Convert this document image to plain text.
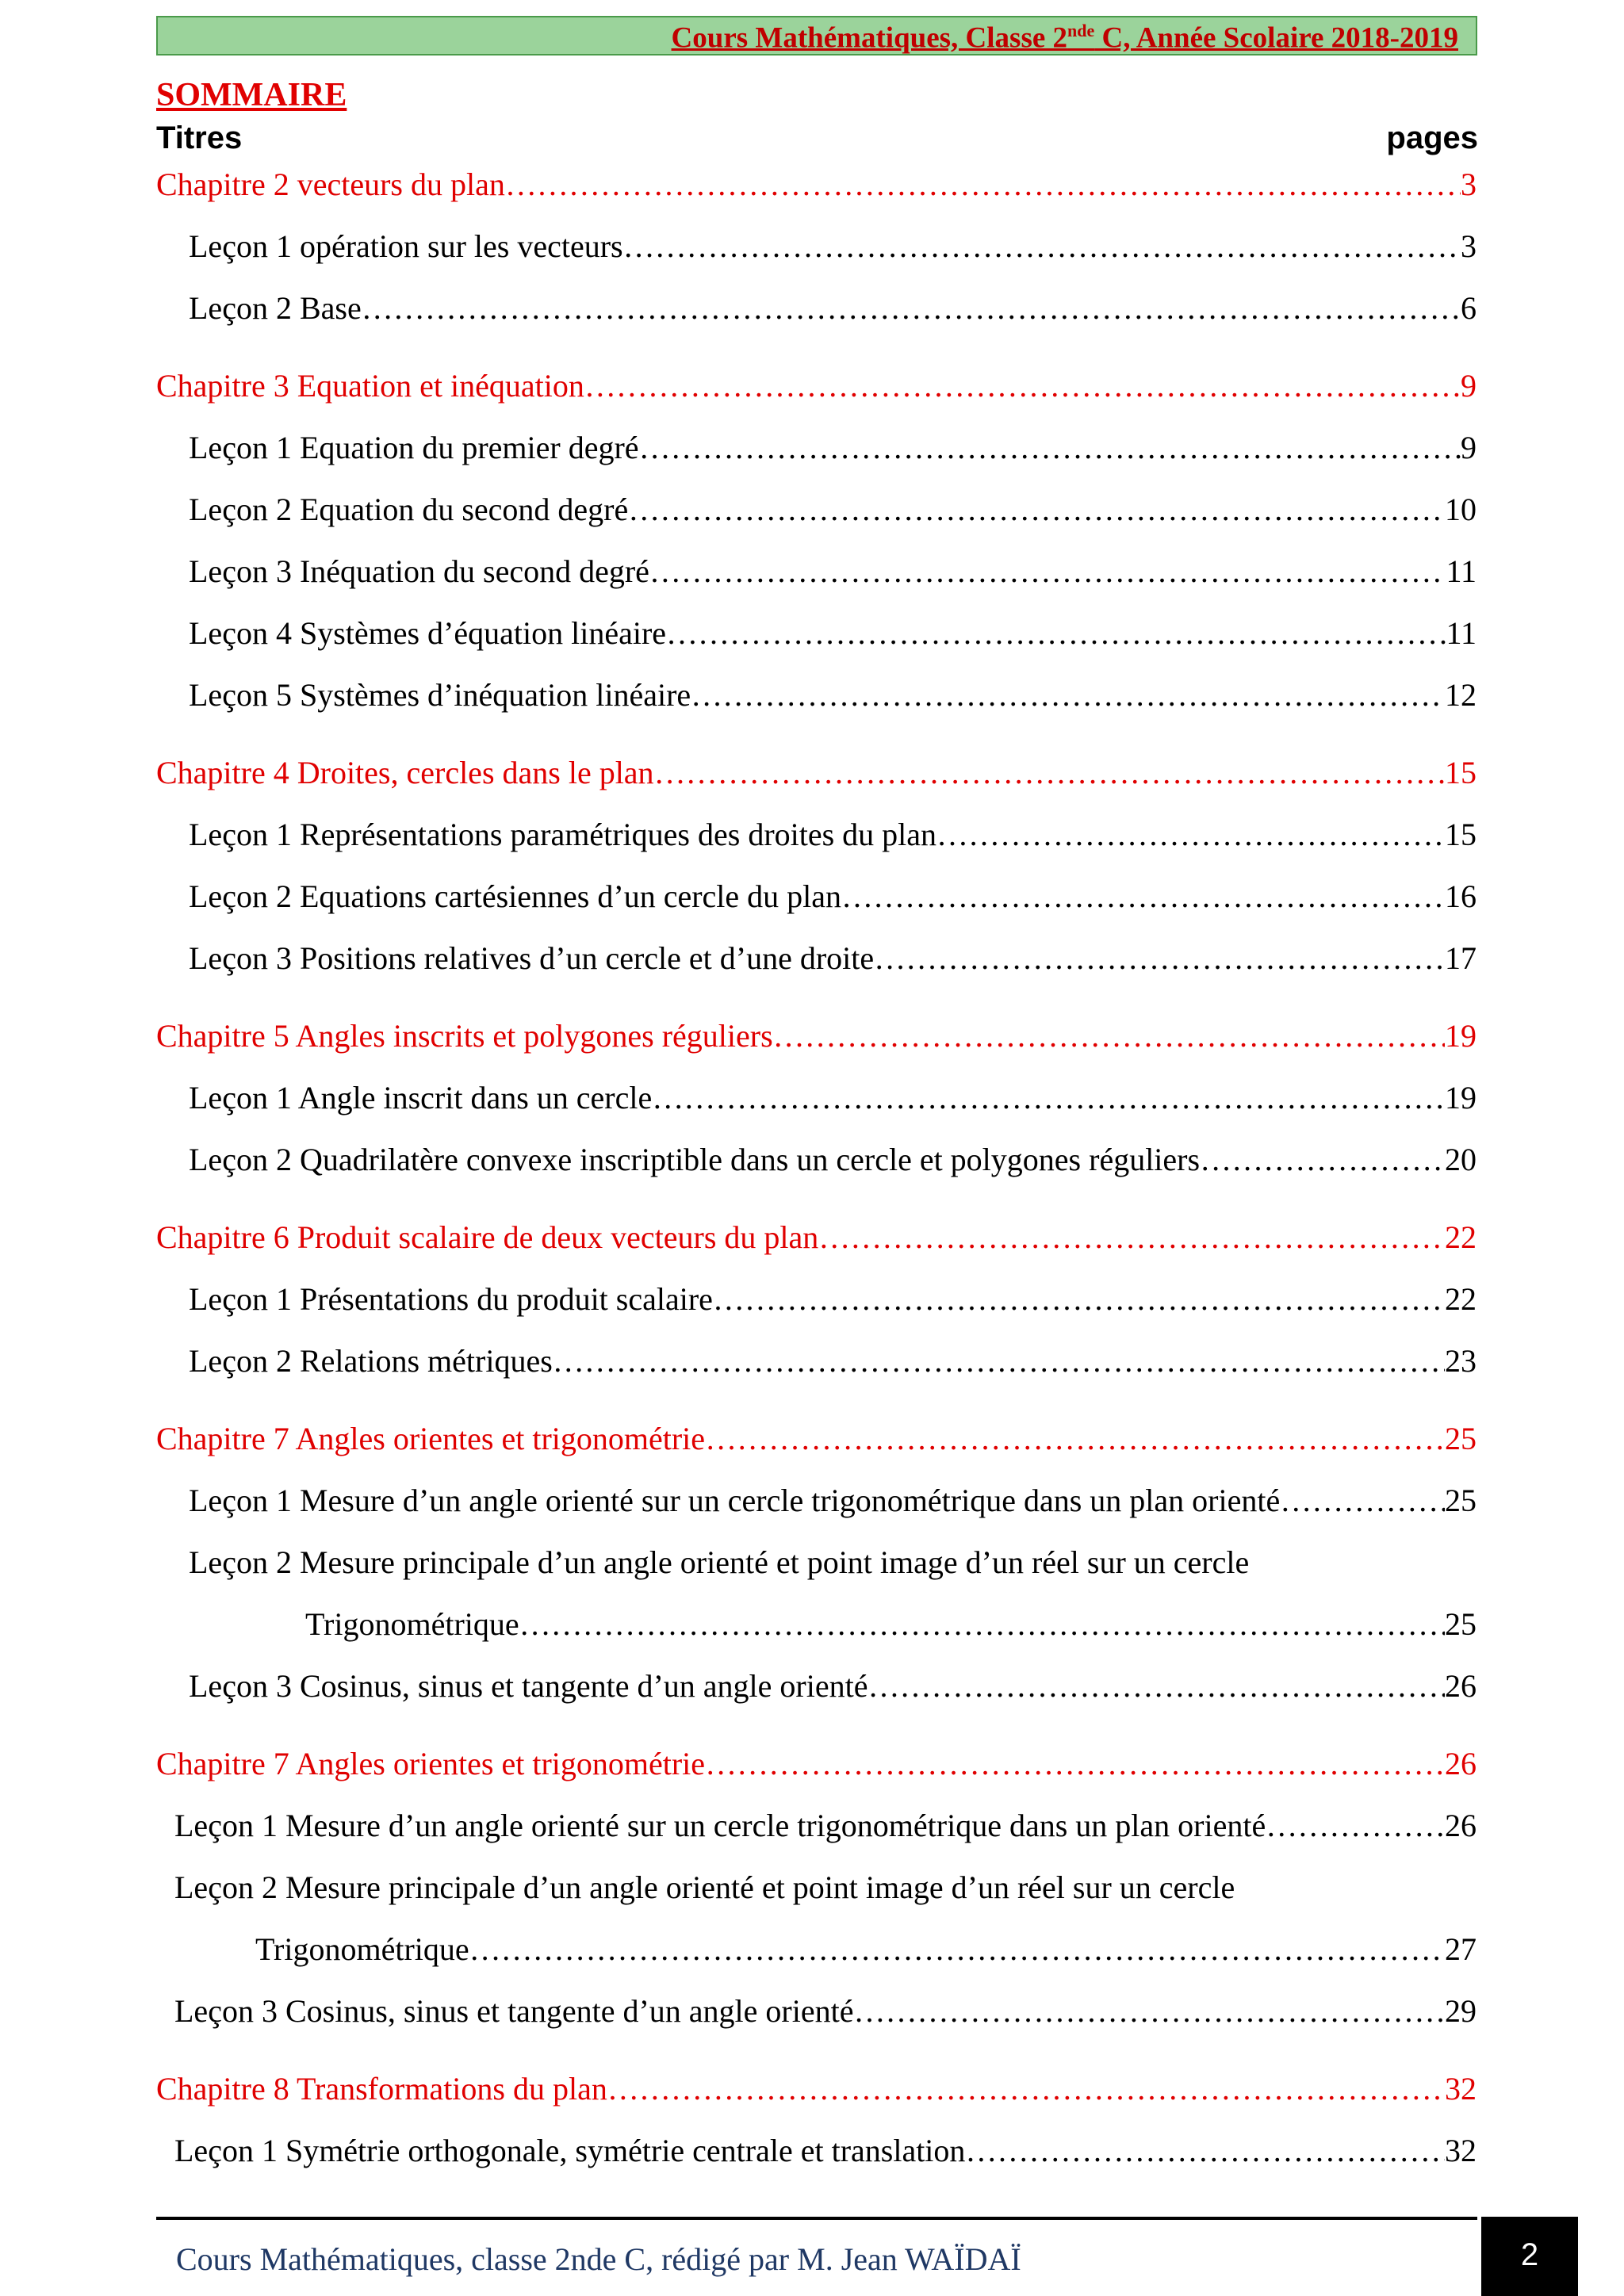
Cours Mathématiques, Classe 2nde C, Année Scolaire 2018-2019
SOMMAIRE
Titres	pages
Chapitre 2 vecteurs du plan ……………………………………………………………………………………………………………………………………………………………………………………………………………	3
Leçon 1 opération sur les vecteurs ……………………………………………………………………………………………………………………………………………………………………………………………………………	3
Leçon 2 Base ……………………………………………………………………………………………………………………………………………………………………………………………………………	6
Chapitre 3 Equation et inéquation ……………………………………………………………………………………………………………………………………………………………………………………………………………	9
Leçon 1 Equation du premier degré ……………………………………………………………………………………………………………………………………………………………………………………………………………	9
Leçon 2 Equation du second degré ……………………………………………………………………………………………………………………………………………………………………………………………………………	10
Leçon 3 Inéquation du second degré ……………………………………………………………………………………………………………………………………………………………………………………………………………	11
Leçon 4 Systèmes d’équation linéaire ……………………………………………………………………………………………………………………………………………………………………………………………………………	11
Leçon 5 Systèmes d’inéquation linéaire ……………………………………………………………………………………………………………………………………………………………………………………………………………	12
Chapitre 4 Droites, cercles dans le plan ……………………………………………………………………………………………………………………………………………………………………………………………………………	15
Leçon 1 Représentations paramétriques des droites du plan ……………………………………………………………………………………………………………………………………………………………………………………………………………	15
Leçon 2 Equations cartésiennes d’un cercle du plan ……………………………………………………………………………………………………………………………………………………………………………………………………………	16
Leçon 3 Positions relatives d’un cercle et d’une droite ……………………………………………………………………………………………………………………………………………………………………………………………………………	17
Chapitre 5 Angles inscrits et polygones réguliers ……………………………………………………………………………………………………………………………………………………………………………………………………………	19
Leçon 1 Angle inscrit dans un cercle ……………………………………………………………………………………………………………………………………………………………………………………………………………	19
Leçon 2 Quadrilatère convexe inscriptible dans un cercle et polygones réguliers ……………………………………………………………………………………………………………………………………………………………………………………………………………	20
Chapitre 6 Produit scalaire de deux vecteurs du plan ……………………………………………………………………………………………………………………………………………………………………………………………………………	22
Leçon 1 Présentations du produit scalaire ……………………………………………………………………………………………………………………………………………………………………………………………………………	22
Leçon 2 Relations métriques ……………………………………………………………………………………………………………………………………………………………………………………………………………	23
Chapitre 7 Angles orientes et trigonométrie ……………………………………………………………………………………………………………………………………………………………………………………………………………	25
Leçon 1 Mesure d’un angle orienté sur un cercle trigonométrique dans un plan orienté ……………………………………………………………………………………………………………………………………………………………………………………………………………	25
Leçon 2 Mesure principale d’un angle orienté et point image d’un réel sur un cercle
Trigonométrique ……………………………………………………………………………………………………………………………………………………………………………………………………………	25
Leçon 3 Cosinus, sinus et tangente d’un angle orienté ……………………………………………………………………………………………………………………………………………………………………………………………………………	26
Chapitre 7 Angles orientes et trigonométrie ……………………………………………………………………………………………………………………………………………………………………………………………………………	26
Leçon 1 Mesure d’un angle orienté sur un cercle trigonométrique dans un plan orienté ……………………………………………………………………………………………………………………………………………………………………………………………………………	26
Leçon 2 Mesure principale d’un angle orienté et point image d’un réel sur un cercle
Trigonométrique ……………………………………………………………………………………………………………………………………………………………………………………………………………	27
Leçon 3 Cosinus, sinus et tangente d’un angle orienté ……………………………………………………………………………………………………………………………………………………………………………………………………………	29
Chapitre 8 Transformations du plan ……………………………………………………………………………………………………………………………………………………………………………………………………………	32
Leçon 1 Symétrie orthogonale, symétrie centrale et translation ……………………………………………………………………………………………………………………………………………………………………………………………………………	32
Cours Mathématiques, classe 2nde C, rédigé par M. Jean WAÏDAÏ	2
